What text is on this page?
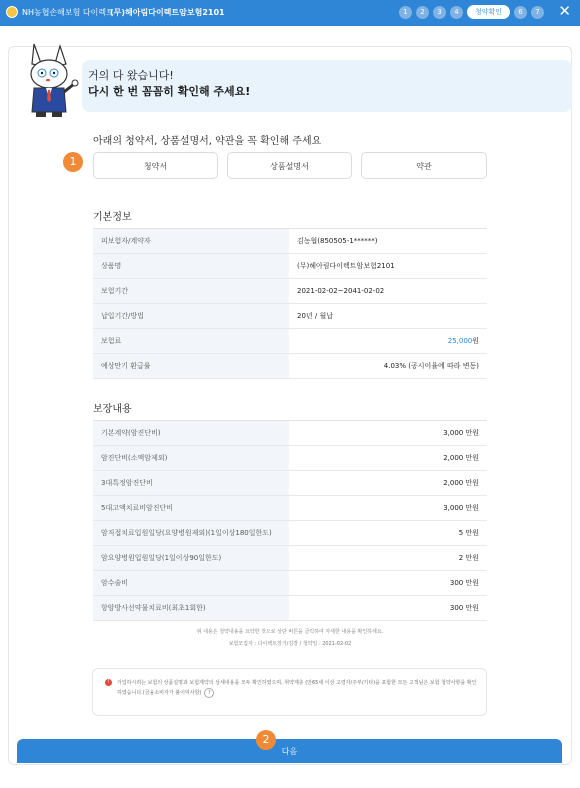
NH농협손해보험 다이렉트
(무)헤아림다이렉트암보험2101	1	2	3	4	청약확인	6	7 ✕
거의 다 왔습니다!
다시 한 번 꼼꼼히 확인해 주세요!
아래의 청약서, 상품설명서, 약관을 꼭 확인해 주세요
1	청약서	상품설명서	약관
기본정보
피보험자/계약자	김농협(850505-1******)
상품명	(무)헤아림다이렉트암보험2101
보험기간	2021-02-02~2041-02-02
납입기간/방법	20년 / 월납
보험료	25,000원
예상만기 환급률	4.03% (공시이율에 따라 변동)
보장내용
기본계약(암진단비)	3,000 만원
암진단비(소액암제외)	2,000 만원
3대특정암진단비	2,000 만원
5대고액치료비암진단비	3,000 만원
암직접치료입원일당(요양병원제외)(1일이상180일한도)	5 만원
암요양병원입원일당(1일이상90일한도)	2 만원
암수술비	300 만원
항암방사선약물치료비(최초1회한)	300 만원
위 내용은 청약내용을 요약한 것으로 상단 버튼을 클릭하여 자세한 내용을 확인하세요.
보험모집자 : 다이렉트장기/김장 / 청약일 : 2021-02-02
!	가입하시려는 보험의 상품설명과 보험계약의 상세내용을 모두 확인하였으며, 취약계층 (만65세 이상 고령자/주부/기타)을 포함한 모든 고객님은 보험 청약사항을 확인하였습니다.(금융소비자가 불이익사항) ?
다음
2
